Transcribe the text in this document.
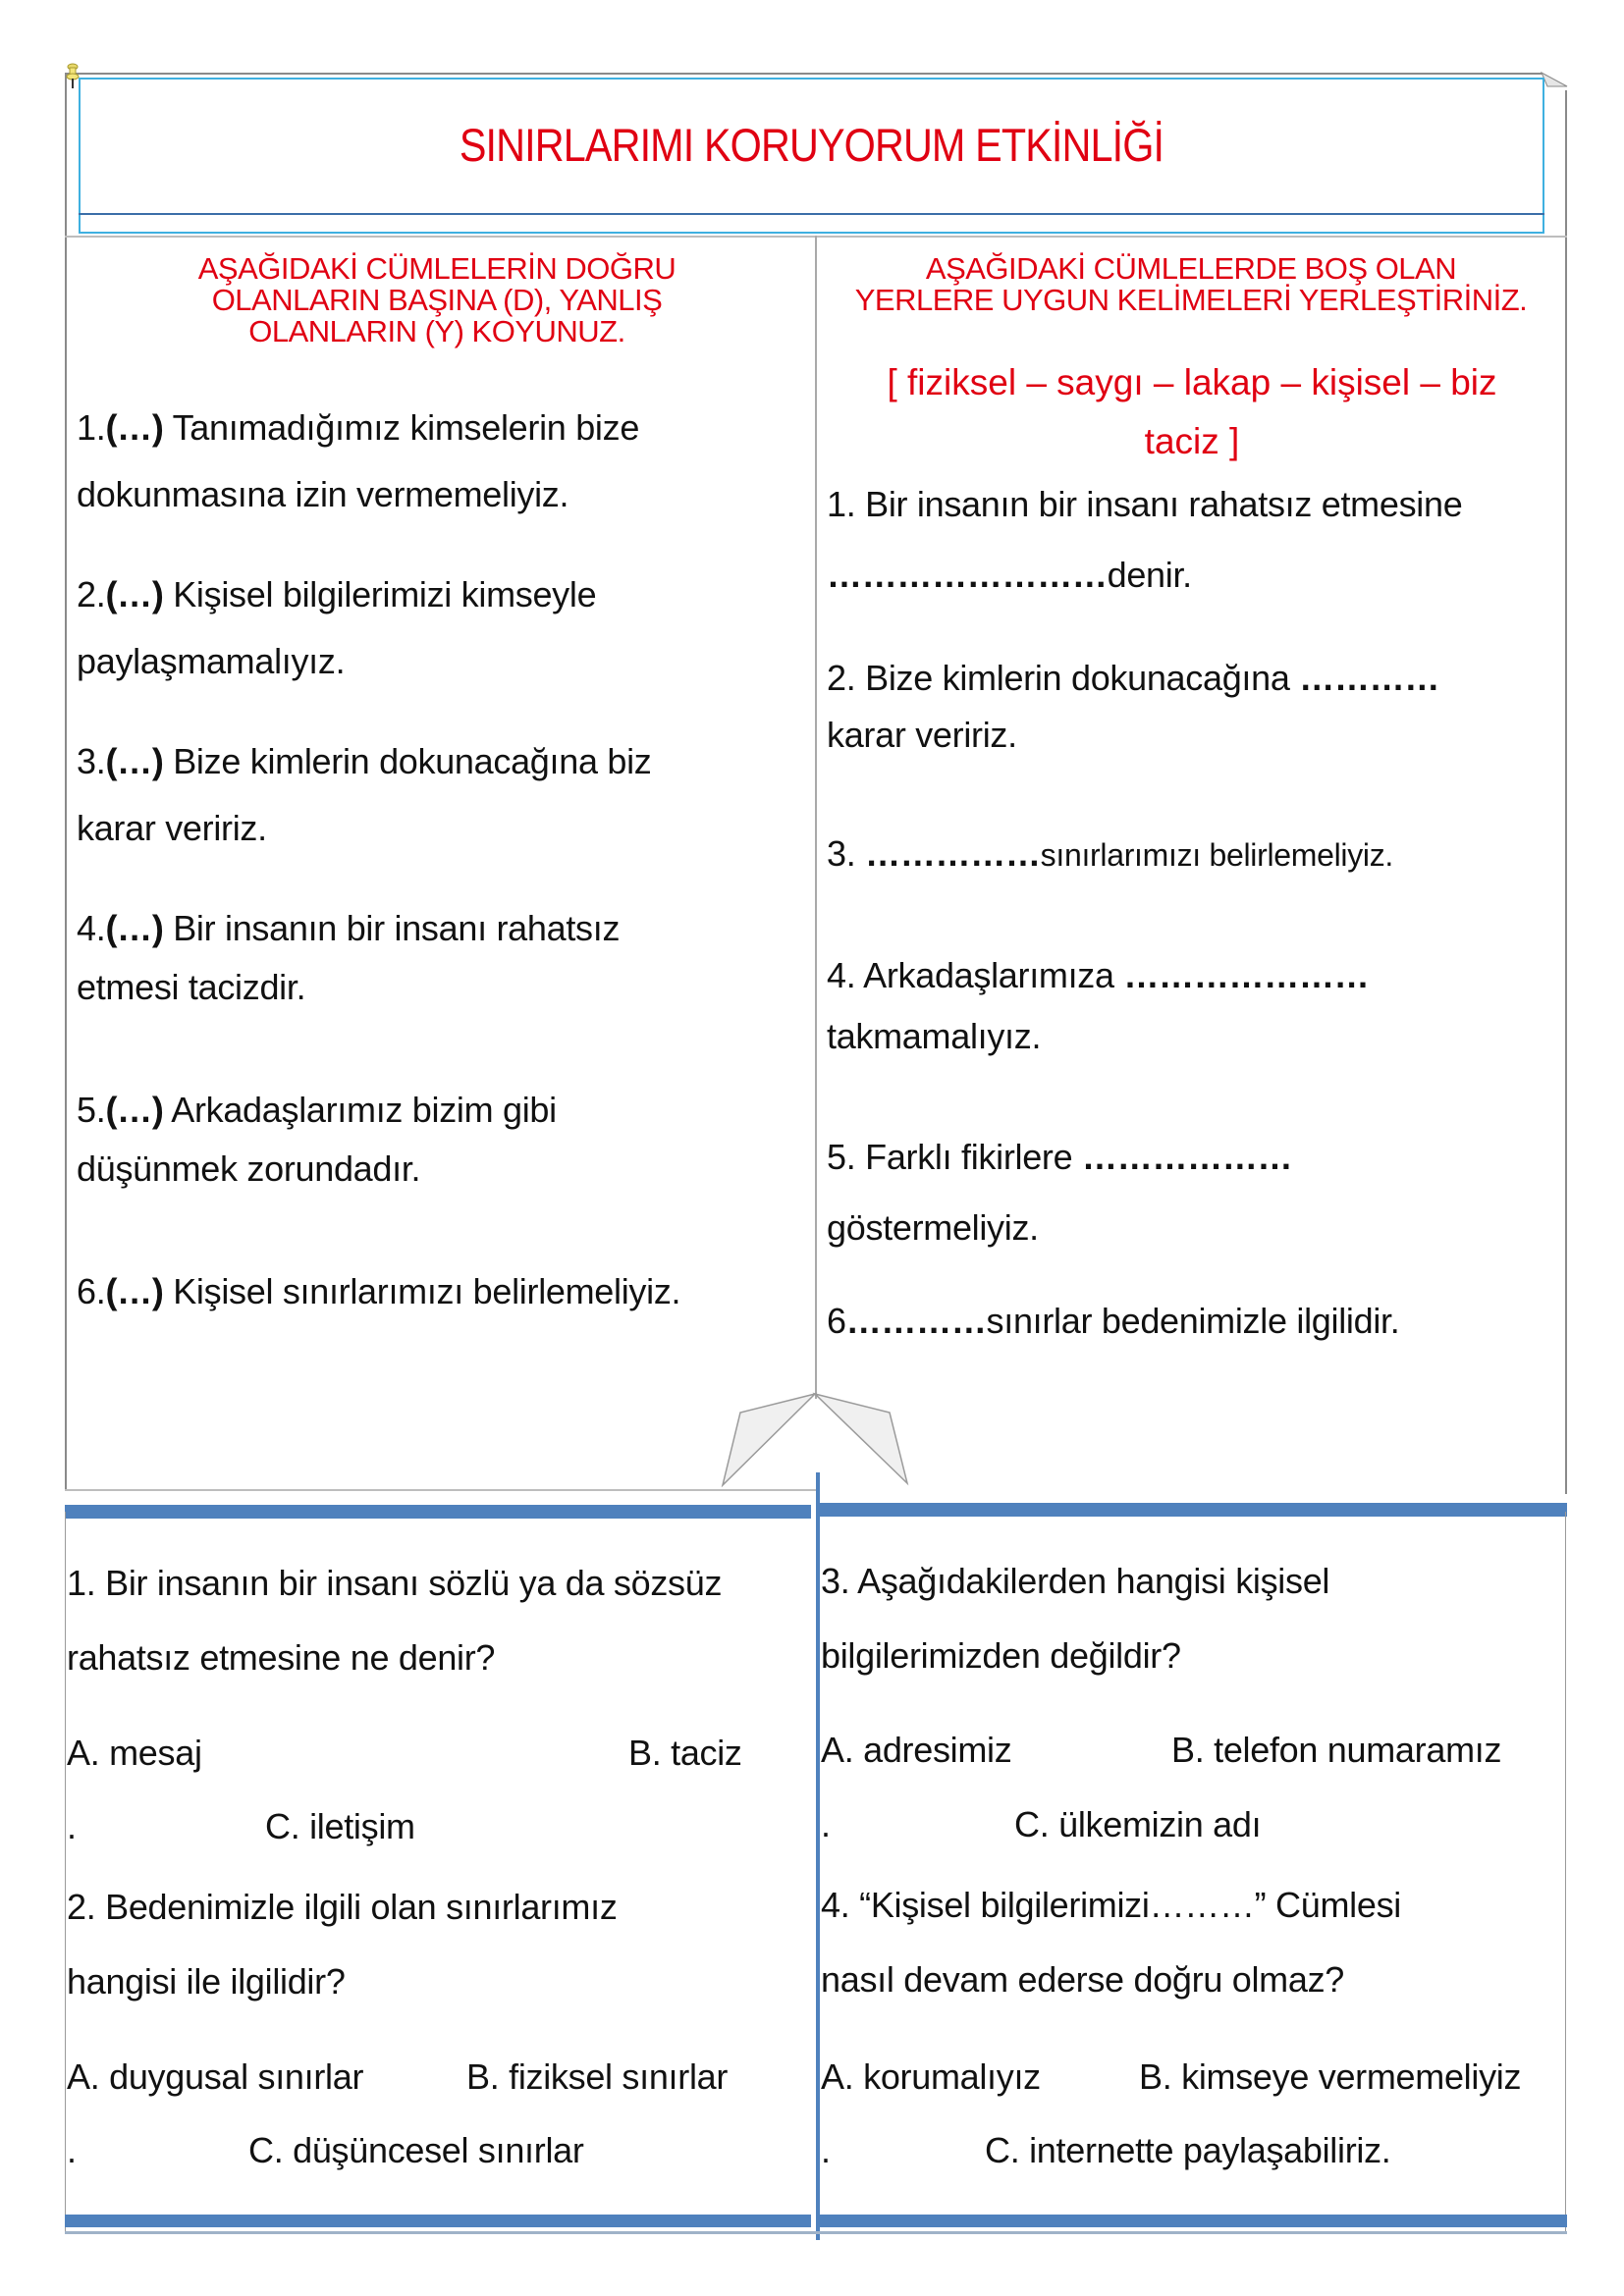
SINIRLARIMI KORUYORUM ETKİNLİĞİ
AŞAĞIDAKİ CÜMLELERİN DOĞRU
OLANLARIN BAŞINA (D), YANLIŞ
OLANLARIN (Y) KOYUNUZ.
1.(…) Tanımadığımız kimselerin bize
dokunmasına izin vermemeliyiz.
2.(…) Kişisel bilgilerimizi kimseyle
paylaşmamalıyız.
3.(…) Bize kimlerin dokunacağına biz
karar veririz.
4.(…) Bir insanın bir insanı rahatsız
etmesi tacizdir.
5.(…) Arkadaşlarımız bizim gibi
düşünmek zorundadır.
6.(…) Kişisel sınırlarımızı belirlemeliyiz.
AŞAĞIDAKİ CÜMLELERDE BOŞ OLAN
YERLERE UYGUN KELİMELERİ YERLEŞTİRİNİZ.
[ fiziksel – saygı – lakap – kişisel – biz
taciz ]
1. Bir insanın bir insanı rahatsız etmesine
……………………denir.
2. Bize kimlerin dokunacağına …………
karar veririz.
3. ……………sınırlarımızı belirlemeliyiz.
4. Arkadaşlarımıza …………………
takmamalıyız.
5. Farklı fikirlere ………………
göstermeliyiz.
6…………sınırlar bedenimizle ilgilidir.
1. Bir insanın bir insanı sözlü ya da sözsüz
rahatsız etmesine ne denir?
A. mesaj	B. taciz
.	C. iletişim
2. Bedenimizle ilgili olan sınırlarımız
hangisi ile ilgilidir?
A. duygusal sınırlar	B. fiziksel sınırlar
.	C. düşüncesel sınırlar
3. Aşağıdakilerden hangisi kişisel
bilgilerimizden değildir?
A. adresimiz	B. telefon numaramız
.	C. ülkemizin adı
4. “Kişisel bilgilerimizi………” Cümlesi
nasıl devam ederse doğru olmaz?
A. korumalıyız	B. kimseye vermemeliyiz
.	C. internette paylaşabiliriz.
